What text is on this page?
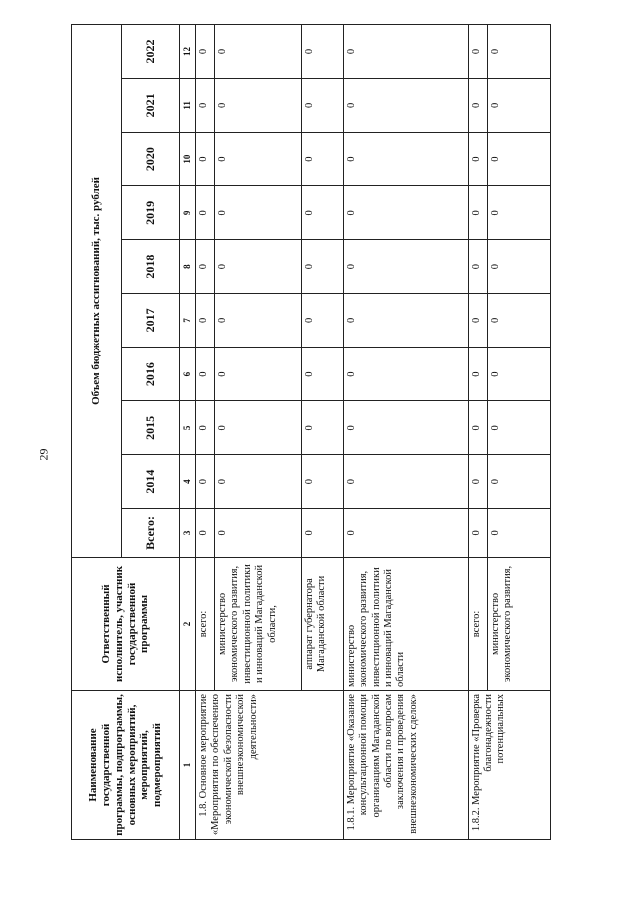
29
Наименование государственной программы, подпрограммы, основных мероприятий, мероприятий, подмероприятий	Ответственный исполнитель, участник государственной программы	Объем бюджетных ассигнований, тыс. рублей									
		Всего:	2014	2015	2016	2017	2018	2019	2020	2021	2022
1	2	3	4	5	6	7	8	9	10	11	12
1.8. Основное мероприятие «Мероприятия по обеспечению экономической безопасности внешнеэкономической деятельности»	всего:	0	0	0	0	0	0	0	0	0	0
	министерство экономического развития, инвестиционной политики и инноваций Магаданской области,	0	0	0	0	0	0	0	0	0	0
	аппарат губернатора Магаданской области	0	0	0	0	0	0	0	0	0	0
1.8.1. Мероприятие «Оказание консультационной помощи организациям Магаданской области по вопросам заключения и проведения внешнеэкономических сделок»	министерство экономического развития, инвестиционной политики и инноваций Магаданской области	0	0	0	0	0	0	0	0	0	0
1.8.2. Мероприятие «Проверка благонадежности потенциальных	всего:	0	0	0	0	0	0	0	0	0	0
	министерство экономического развития,	0	0	0	0	0	0	0	0	0	0
